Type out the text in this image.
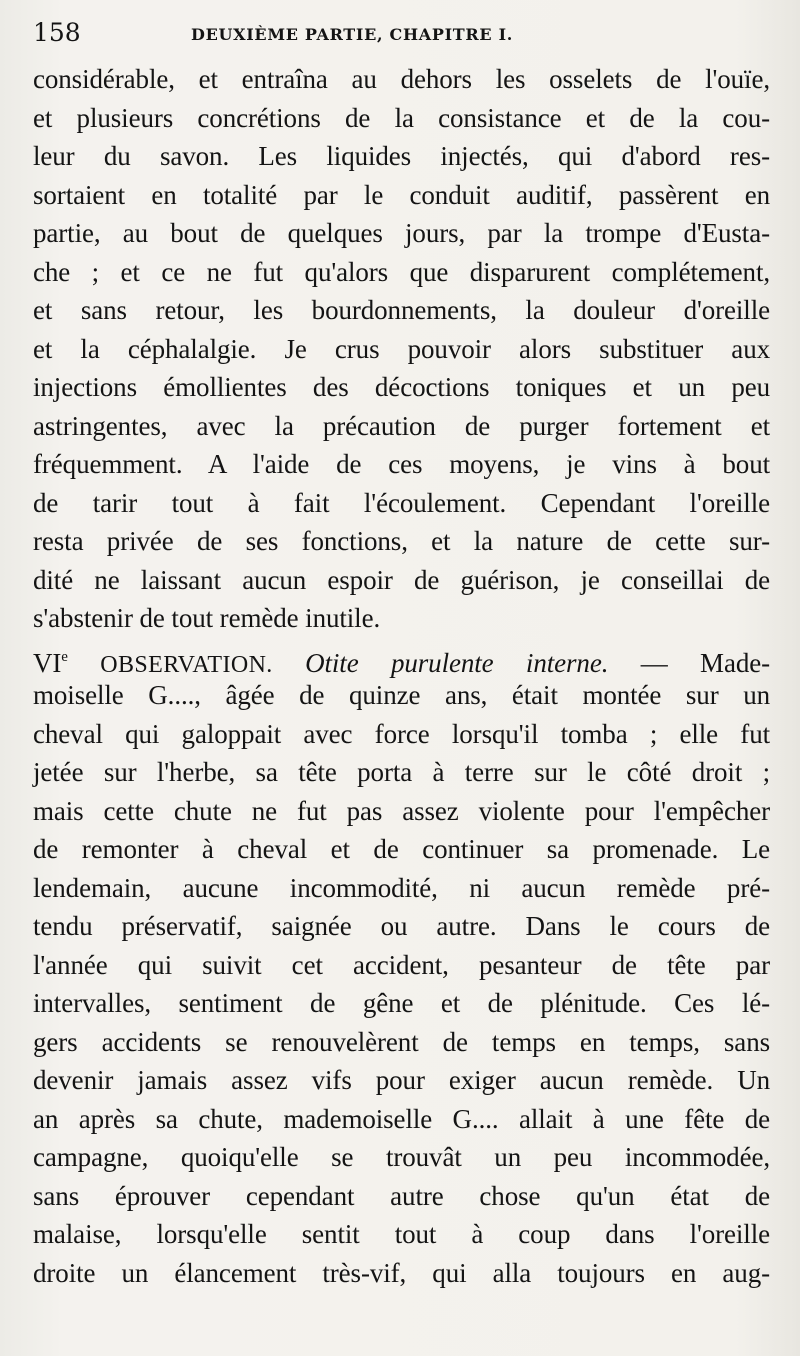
158	DEUXIÈME PARTIE, CHAPITRE I.
considérable, et entraîna au dehors les osselets de l'ouïe,
et plusieurs concrétions de la consistance et de la cou-
leur du savon. Les liquides injectés, qui d'abord res-
sortaient en totalité par le conduit auditif, passèrent en
partie, au bout de quelques jours, par la trompe d'Eusta-
che ; et ce ne fut qu'alors que disparurent complétement,
et sans retour, les bourdonnements, la douleur d'oreille
et la céphalalgie. Je crus pouvoir alors substituer aux
injections émollientes des décoctions toniques et un peu
astringentes, avec la précaution de purger fortement et
fréquemment. A l'aide de ces moyens, je vins à bout
de tarir tout à fait l'écoulement. Cependant l'oreille
resta privée de ses fonctions, et la nature de cette sur-
dité ne laissant aucun espoir de guérison, je conseillai de
s'abstenir de tout remède inutile.
VIe OBSERVATION. Otite purulente interne. — Made-
moiselle G...., âgée de quinze ans, était montée sur un
cheval qui galoppait avec force lorsqu'il tomba ; elle fut
jetée sur l'herbe, sa tête porta à terre sur le côté droit ;
mais cette chute ne fut pas assez violente pour l'empêcher
de remonter à cheval et de continuer sa promenade. Le
lendemain, aucune incommodité, ni aucun remède pré-
tendu préservatif, saignée ou autre. Dans le cours de
l'année qui suivit cet accident, pesanteur de tête par
intervalles, sentiment de gêne et de plénitude. Ces lé-
gers accidents se renouvelèrent de temps en temps, sans
devenir jamais assez vifs pour exiger aucun remède. Un
an après sa chute, mademoiselle G.... allait à une fête de
campagne, quoiqu'elle se trouvât un peu incommodée,
sans éprouver cependant autre chose qu'un état de
malaise, lorsqu'elle sentit tout à coup dans l'oreille
droite un élancement très-vif, qui alla toujours en aug-
